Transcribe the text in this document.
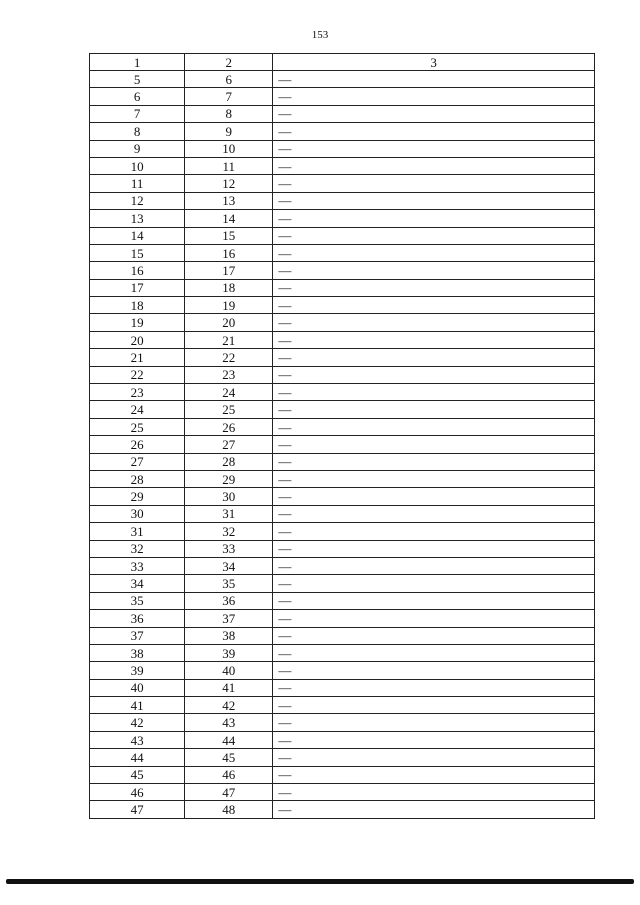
153
1	2	3
5	6	—
6	7	—
7	8	—
8	9	—
9	10	—
10	11	—
11	12	—
12	13	—
13	14	—
14	15	—
15	16	—
16	17	—
17	18	—
18	19	—
19	20	—
20	21	—
21	22	—
22	23	—
23	24	—
24	25	—
25	26	—
26	27	—
27	28	—
28	29	—
29	30	—
30	31	—
31	32	—
32	33	—
33	34	—
34	35	—
35	36	—
36	37	—
37	38	—
38	39	—
39	40	—
40	41	—
41	42	—
42	43	—
43	44	—
44	45	—
45	46	—
46	47	—
47	48	—
